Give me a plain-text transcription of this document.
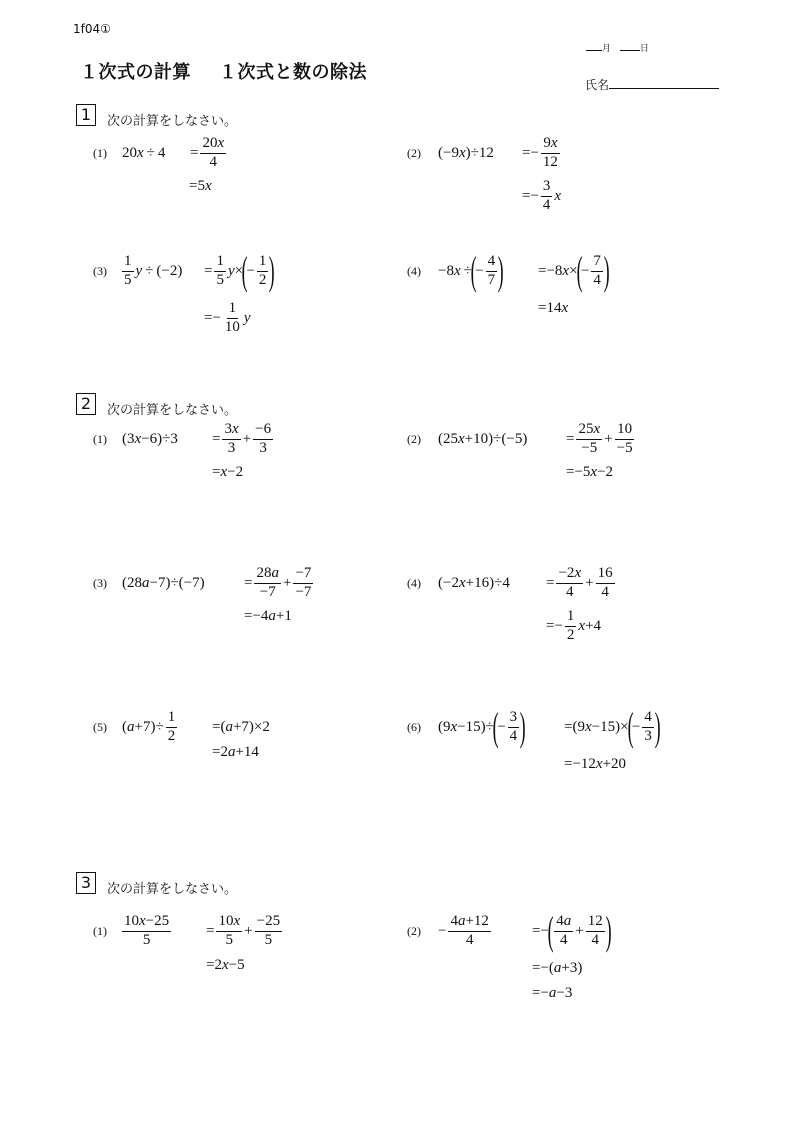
1f04①
１次式の計算 １次式と数の除法
月	日
氏名
1	次の計算をしなさい。
(1) 20 $x \div 4 = \frac{20x}{4}$
=5 x
(2) (−9 x )$\div 12 =- \frac{9x}{12}$
=− $\frac{3}{4}$ x
$(3) \frac{1}{5}$ $y \div (-2) = \frac{1}{5}$ y ×
(
− $\frac{1}{2}$ )
=− $\frac{1}{10}$ y
(4) −8 x ÷
(
− $\frac{4}{7}$ ) =−8 x ×
(
− $\frac{7}{4}$ )
=14 x
2	次の計算をしなさい。
(1) (3 $x -6)\div 3 = \frac{3x}{3} + \frac{-6}{3}$
= x −2
(2) (25 x +10)÷(−5)	= $\frac{25x}{-5} + \frac{10}{-5}$
=−5 x −2
(3) (28 a −7)÷(−7)	= $\frac{28a}{-7} + \frac{-7}{-7}$
=−4 a +1
(4) (−2 $x +16)\div 4 = \frac{-2x}{4} + \frac{16}{4}$
=− $\frac{1}{2}$ x +4
(5) ( $a +7)\div \frac{1}{2}$ =( a +7)×2
=2 a +14
(6) (9 x −15)÷
(
− $\frac{3}{4}$ )	=(9 x −15)×
(
− $\frac{4}{3}$ )
=−12 x +20
3	次の計算をしなさい。
$(1) \frac{10x-25}{5} = \frac{10x}{5} + \frac{-25}{5}$
=2 x −5
$(2) - \frac{4a+12}{4}$	=−
( $\frac{4a}{4} + \frac{12}{4}$ )
=−( a +3)
=− a −3
